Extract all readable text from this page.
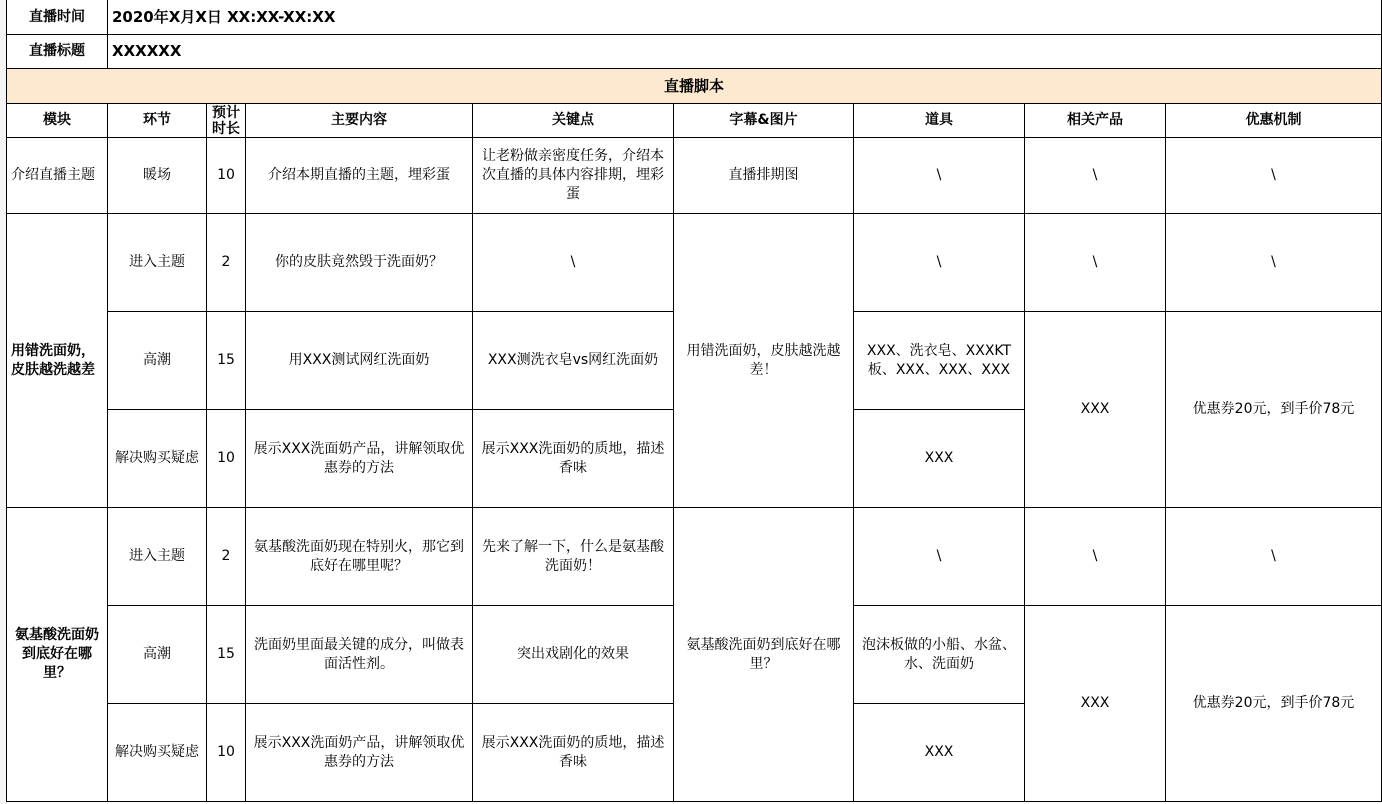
直播时间	2020年X月X日 XX:XX-XX:XX							
直播标题	XXXXXX							
直播脚本								
模块	环节	预计时长	主要内容	关键点	字幕&图片	道具	相关产品	优惠机制
介绍直播主题	暖场	10	介绍本期直播的主题，埋彩蛋	让老粉做亲密度任务，介绍本次直播的具体内容排期，埋彩蛋	直播排期图	\	\	\
用错洗面奶，皮肤越洗越差	进入主题	2	你的皮肤竟然毁于洗面奶？	\	用错洗面奶，皮肤越洗越差！	\	\	\
	高潮	15	用XXX测试网红洗面奶	XXX测洗衣皂vs网红洗面奶		XXX、洗衣皂、XXXKT板、XXX、XXX、XXX	XXX	优惠券20元，到手价78元
	解决购买疑虑	10	展示XXX洗面奶产品，讲解领取优惠券的方法	展示XXX洗面奶的质地，描述香味		XXX		
氨基酸洗面奶到底好在哪里？	进入主题	2	氨基酸洗面奶现在特别火，那它到底好在哪里呢？	先来了解一下，什么是氨基酸洗面奶！	氨基酸洗面奶到底好在哪里？	\	\	\
	高潮	15	洗面奶里面最关键的成分，叫做表面活性剂。	突出戏剧化的效果		泡沫板做的小船、水盆、水、洗面奶	XXX	优惠券20元，到手价78元
	解决购买疑虑	10	展示XXX洗面奶产品，讲解领取优惠券的方法	展示XXX洗面奶的质地，描述香味		XXX		
